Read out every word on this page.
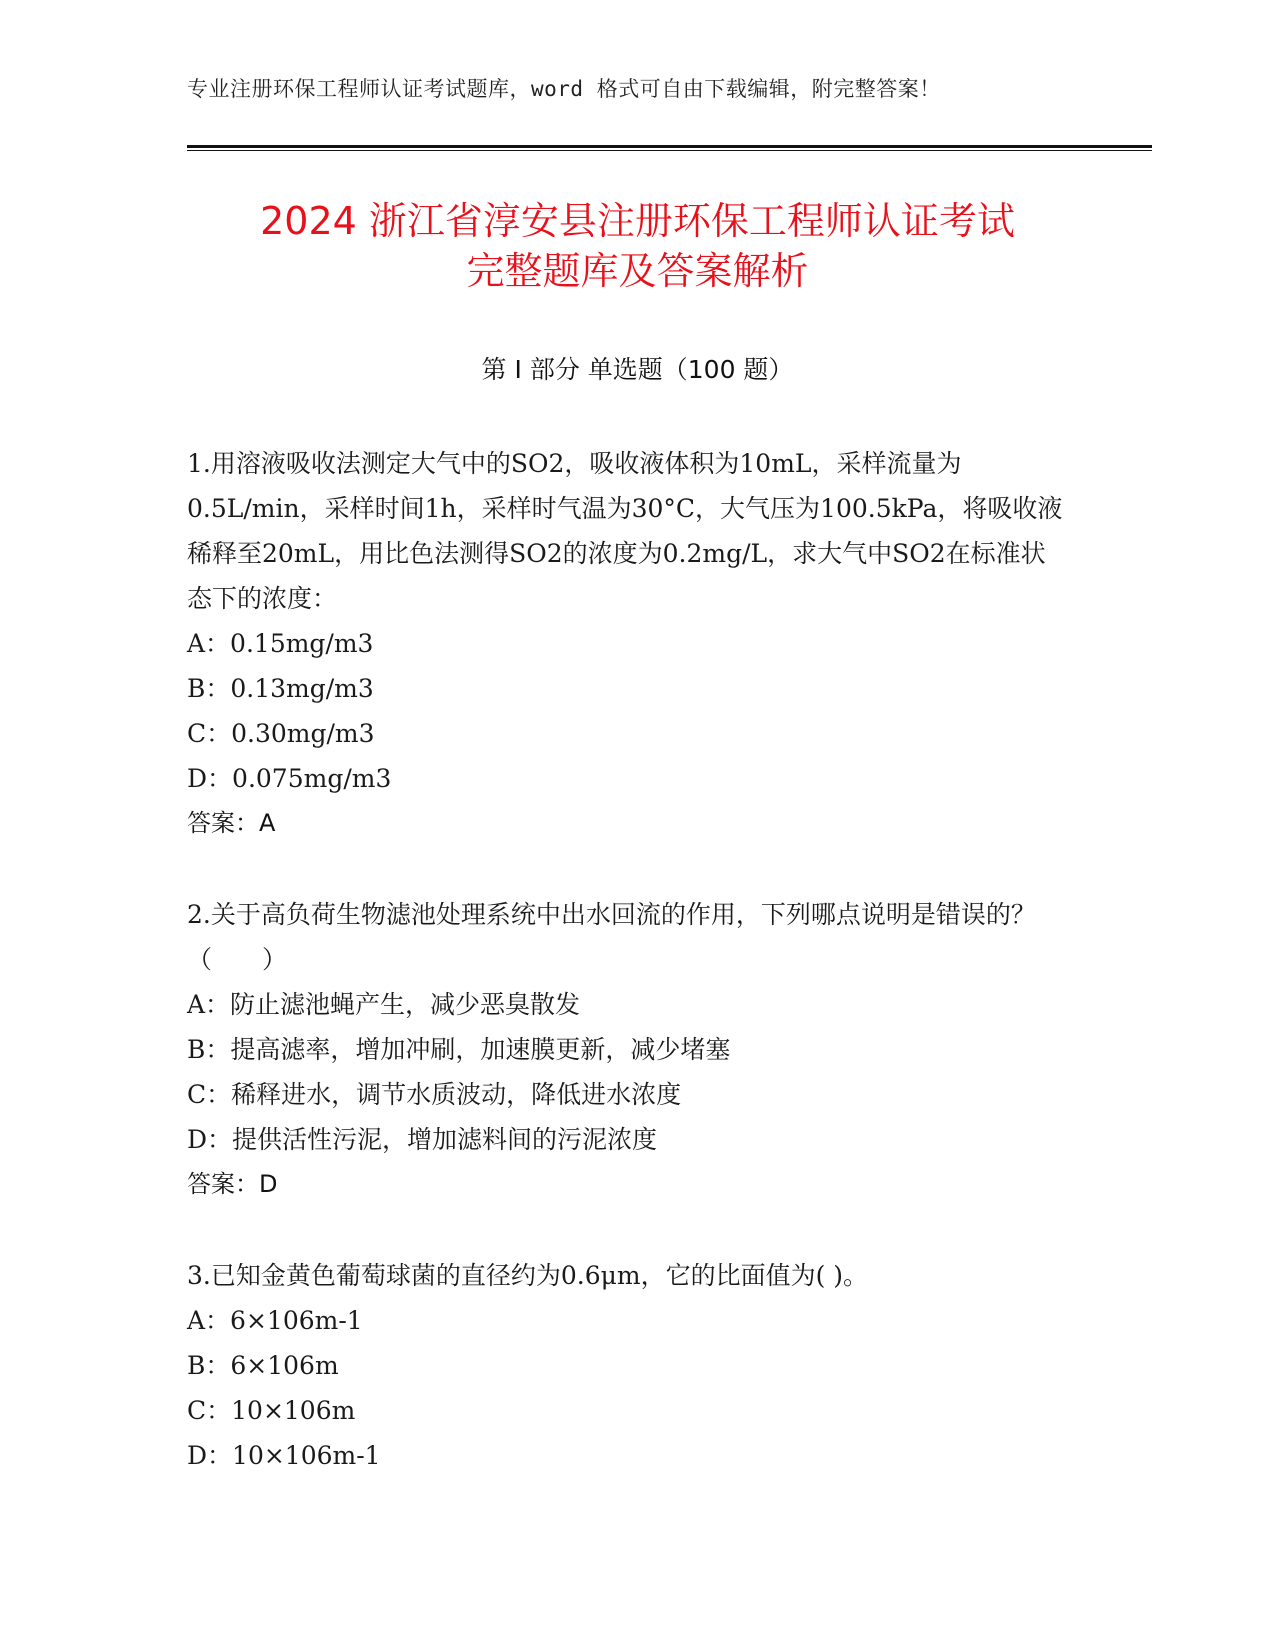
专业注册环保工程师认证考试题库，word 格式可自由下载编辑，附完整答案！
2024 浙江省淳安县注册环保工程师认证考试
完整题库及答案解析
第 I 部分 单选题（100 题）

1.用溶液吸收法测定大气中的SO2，吸收液体积为10mL，采样流量为0.5L/min，采样时间1h，采样时气温为30°C，大气压为100.5kPa，将吸收液稀释至20mL，用比色法测得SO2的浓度为0.2mg/L，求大气中SO2在标准状态下的浓度：

A：0.15mg/m3

B：0.13mg/m3

C：0.30mg/m3

D：0.075mg/m3

答案：A

2.关于高负荷生物滤池处理系统中出水回流的作用，下列哪点说明是错误的？（　　）

A：防止滤池蝇产生，减少恶臭散发

B：提高滤率，增加冲刷，加速膜更新，减少堵塞

C：稀释进水，调节水质波动，降低进水浓度

D：提供活性污泥，增加滤料间的污泥浓度

答案：D

3.已知金黄色葡萄球菌的直径约为0.6μm，它的比面值为( )。

A：6×106m-1

B：6×106m

C：10×106m

D：10×106m-1
